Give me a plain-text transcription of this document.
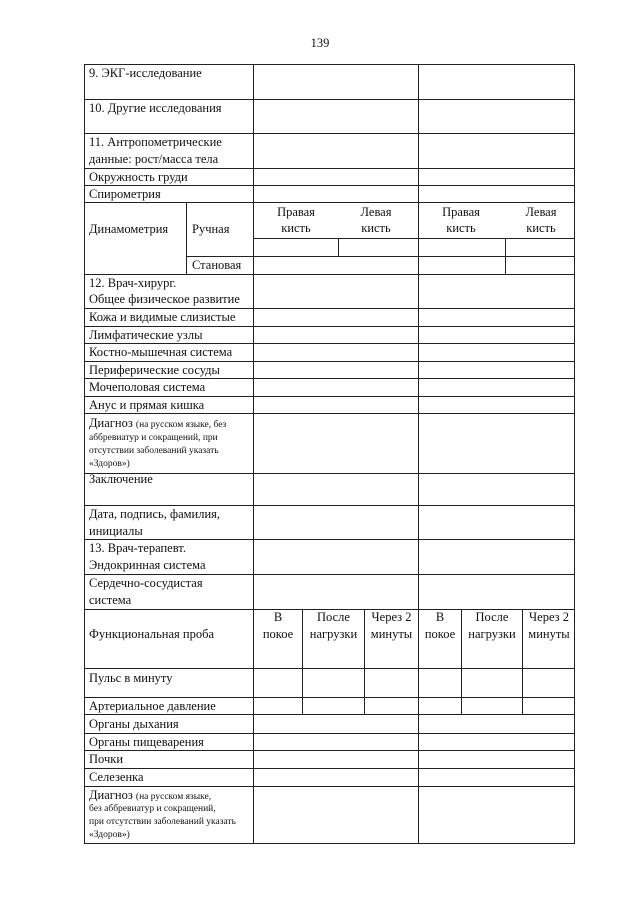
139
9. ЭКГ-исследование
10. Другие исследования
11. Антропометрические
данные: рост/масса тела
Окружность груди
Спирометрия
Динамометрия Ручная
Становая
Правая
кисть
Левая
кисть
Правая
кисть
Левая
кисть
12. Врач-хирург.
Общее физическое развитие
Кожа и видимые слизистые
Лимфатические узлы
Костно-мышечная система
Периферические сосуды
Мочеполовая система
Анус и прямая кишка
Диагноз (на русском языке, без
аббревиатур и сокращений, при
отсутствии заболеваний указать
«Здоров»)
Заключение
Дата, подпись, фамилия,
инициалы
13. Врач-терапевт.
Эндокринная система
Сердечно-сосудистая
система
Функциональная проба
В
покое
После
нагрузки
Через 2
минуты
В
покое
После
нагрузки
Через 2
минуты
Пульс в минуту
Артериальное давление
Органы дыхания
Органы пищеварения
Почки
Селезенка
Диагноз (на русском языке,
без аббревиатур и сокращений,
при отсутствии заболеваний указать
«Здоров»)
